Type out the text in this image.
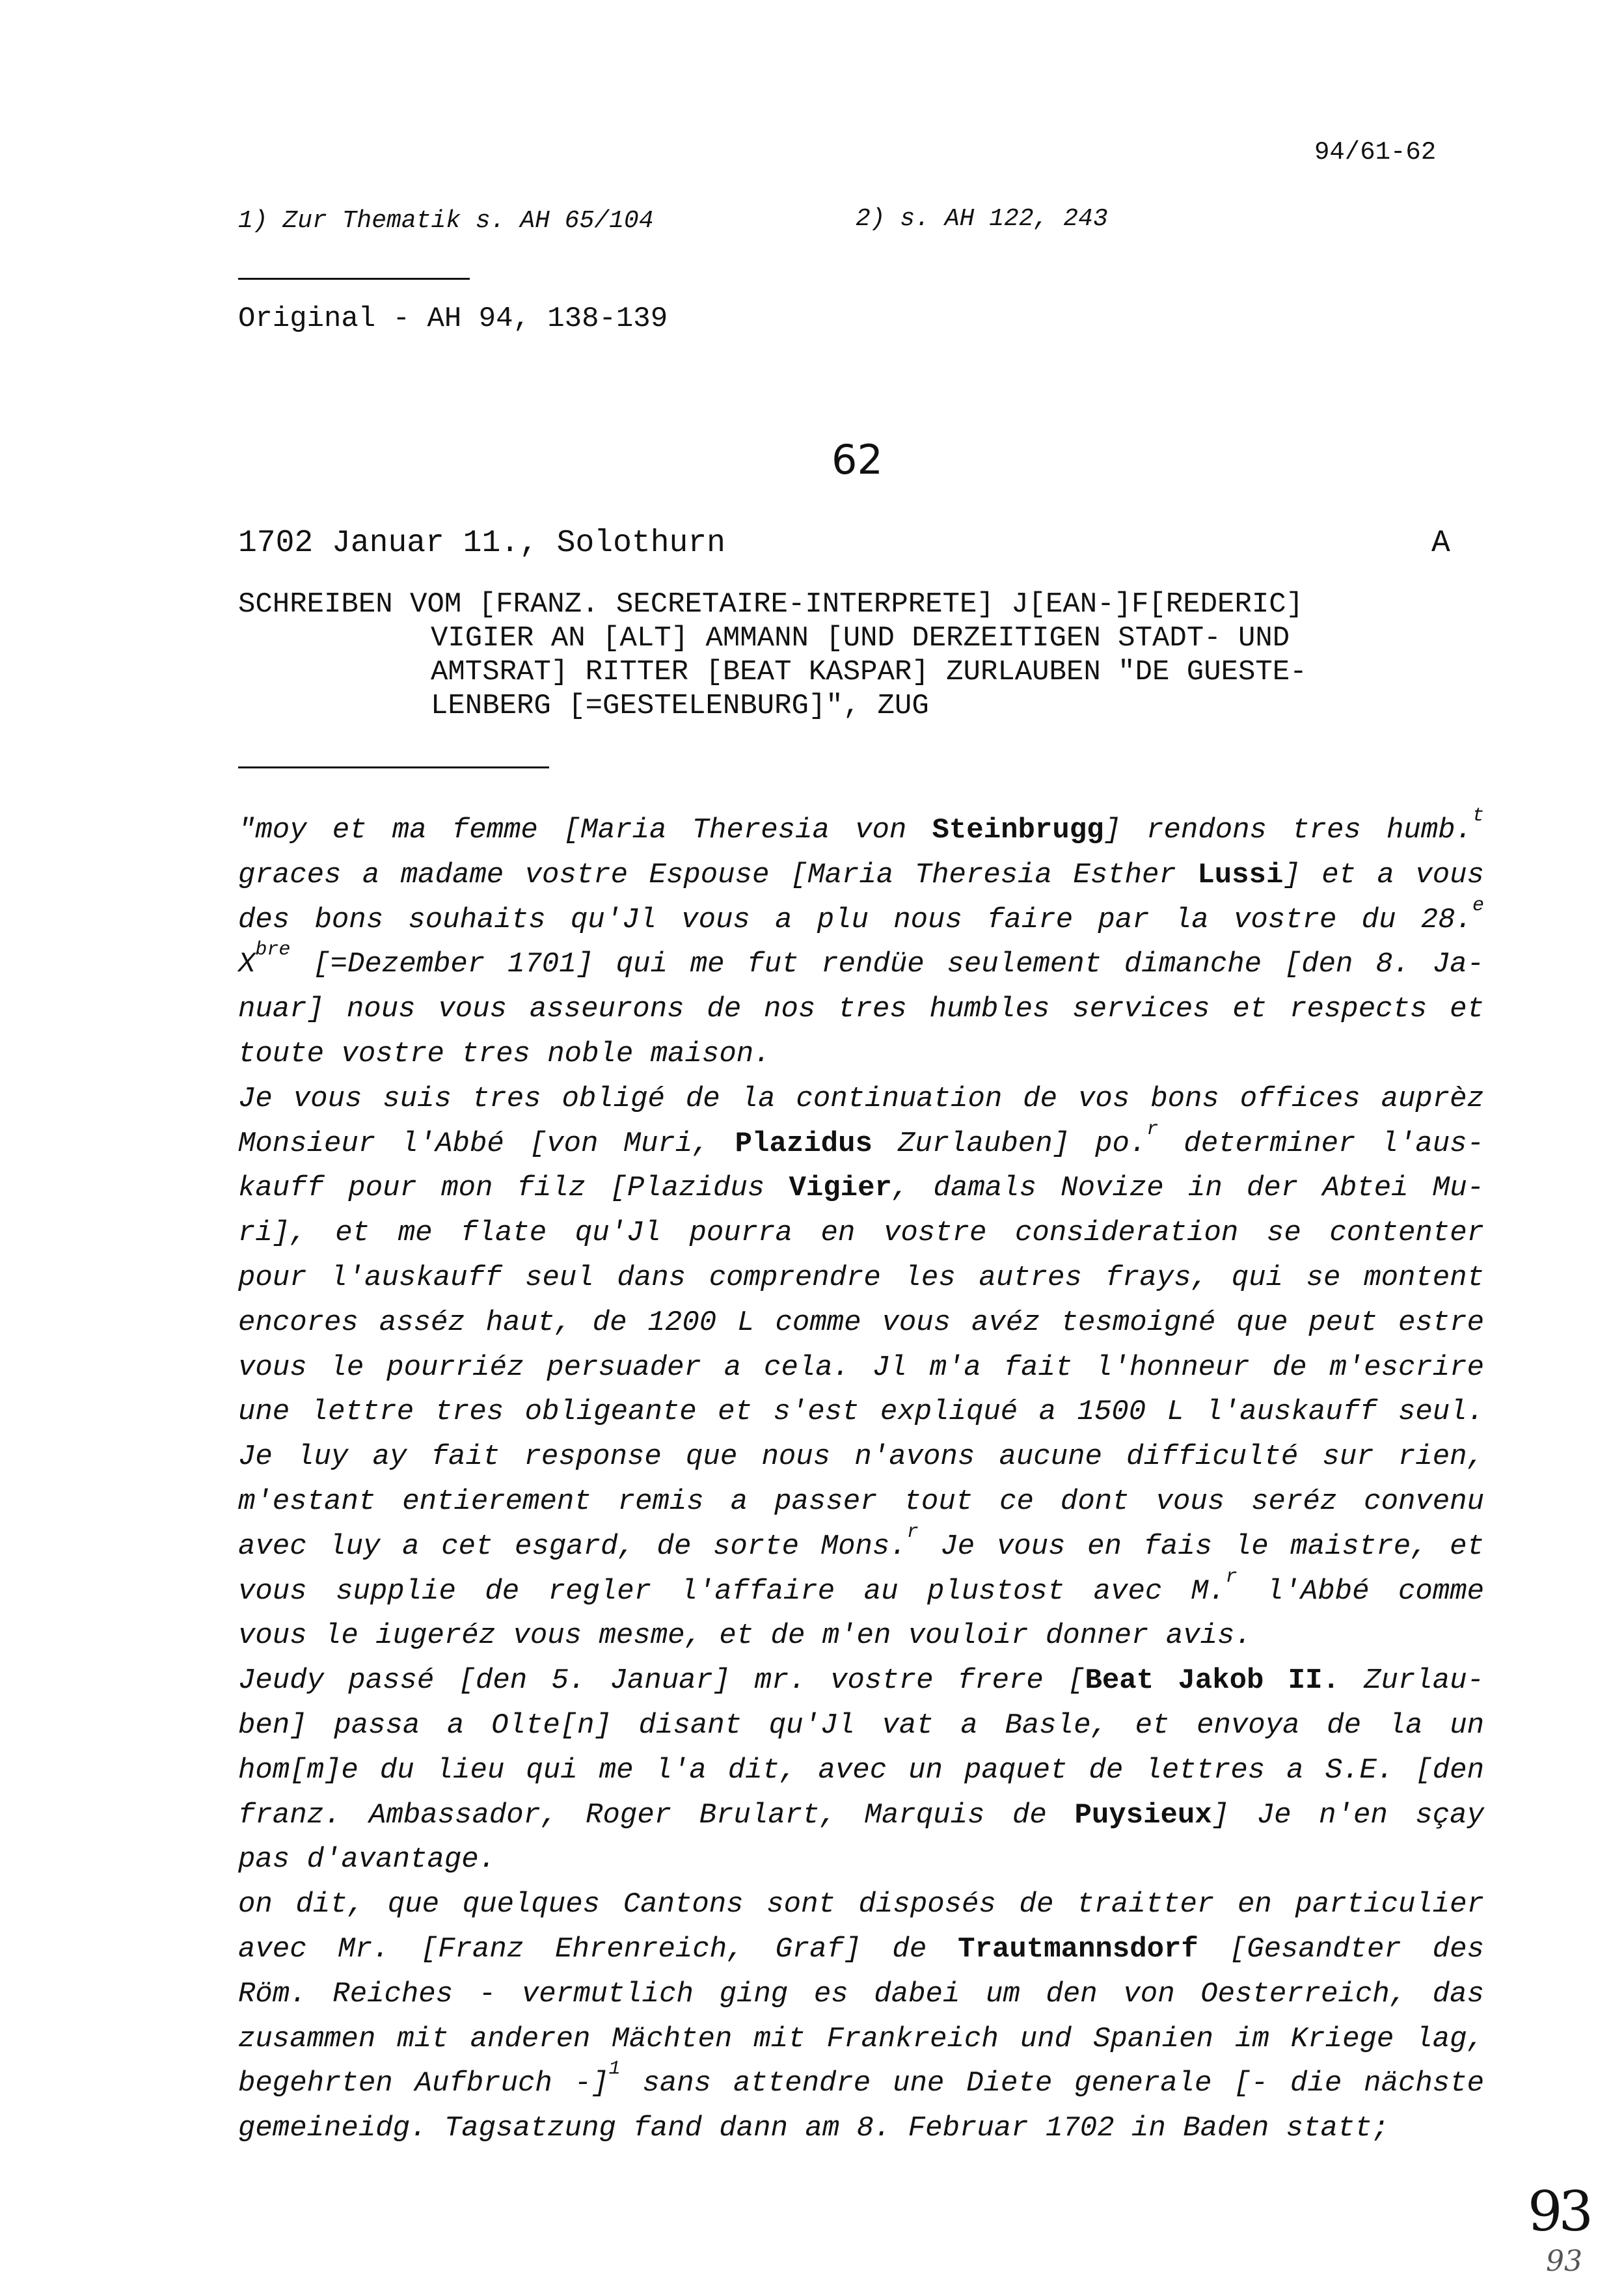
94/61-62
1) Zur Thematik s. AH 65/104	2) s. AH 122, 243
Original - AH 94, 138-139
62
1702 Januar 11., Solothurn	A
SCHREIBEN VOM [FRANZ. SECRETAIRE-INTERPRETE] J[EAN-]F[REDERIC]
VIGIER AN [ALT] AMMANN [UND DERZEITIGEN STADT- UND
AMTSRAT] RITTER [BEAT KASPAR] ZURLAUBEN "DE GUESTE-
LENBERG [=GESTELENBURG]", ZUG
"moy et ma femme [Maria Theresia von Steinbrugg] rendons tres humb.$^t$
graces a madame vostre Espouse [Maria Theresia Esther Lussi] et a vous
des bons souhaits qu'Jl vous a plu nous faire par la vostre du 28.$^e$
$X^{bre}$ [=Dezember 1701] qui me fut rendüe seulement dimanche [den 8. Ja-
nuar] nous vous asseurons de nos tres humbles services et respects et
toute vostre tres noble maison.
Je vous suis tres obligé de la continuation de vos bons offices auprèz
Monsieur l'Abbé [von Muri, Plazidus Zurlauben] po.$^r$ determiner l'aus-
kauff pour mon filz [Plazidus Vigier, damals Novize in der Abtei Mu-
ri], et me flate qu'Jl pourra en vostre consideration se contenter
pour l'auskauff seul dans comprendre les autres frays, qui se montent
encores asséz haut, de 1200 L comme vous avéz tesmoigné que peut estre
vous le pourriéz persuader a cela. Jl m'a fait l'honneur de m'escrire
une lettre tres obligeante et s'est expliqué a 1500 L l'auskauff seul.
Je luy ay fait response que nous n'avons aucune difficulté sur rien,
m'estant entierement remis a passer tout ce dont vous seréz convenu
avec luy a cet esgard, de sorte Mons.$^r$ Je vous en fais le maistre, et
vous supplie de regler l'affaire au plustost avec M.$^r$ l'Abbé comme
vous le iugeréz vous mesme, et de m'en vouloir donner avis.
Jeudy passé [den 5. Januar] mr. vostre frere [Beat Jakob II. Zurlau-
ben] passa a Olte[n] disant qu'Jl vat a Basle, et envoya de la un
hom[m]e du lieu qui me l'a dit, avec un paquet de lettres a S.E. [den
franz. Ambassador, Roger Brulart, Marquis de Puysieux] Je n'en sçay
pas d'avantage.
on dit, que quelques Cantons sont disposés de traitter en particulier
avec Mr. [Franz Ehrenreich, Graf] de Trautmannsdorf [Gesandter des
Röm. Reiches - vermutlich ging es dabei um den von Oesterreich, das
zusammen mit anderen Mächten mit Frankreich und Spanien im Kriege lag,
begehrten Aufbruch -]$^1$ sans attendre une Diete generale [- die nächste
gemeineidg. Tagsatzung fand dann am 8. Februar 1702 in Baden statt;
93
93
